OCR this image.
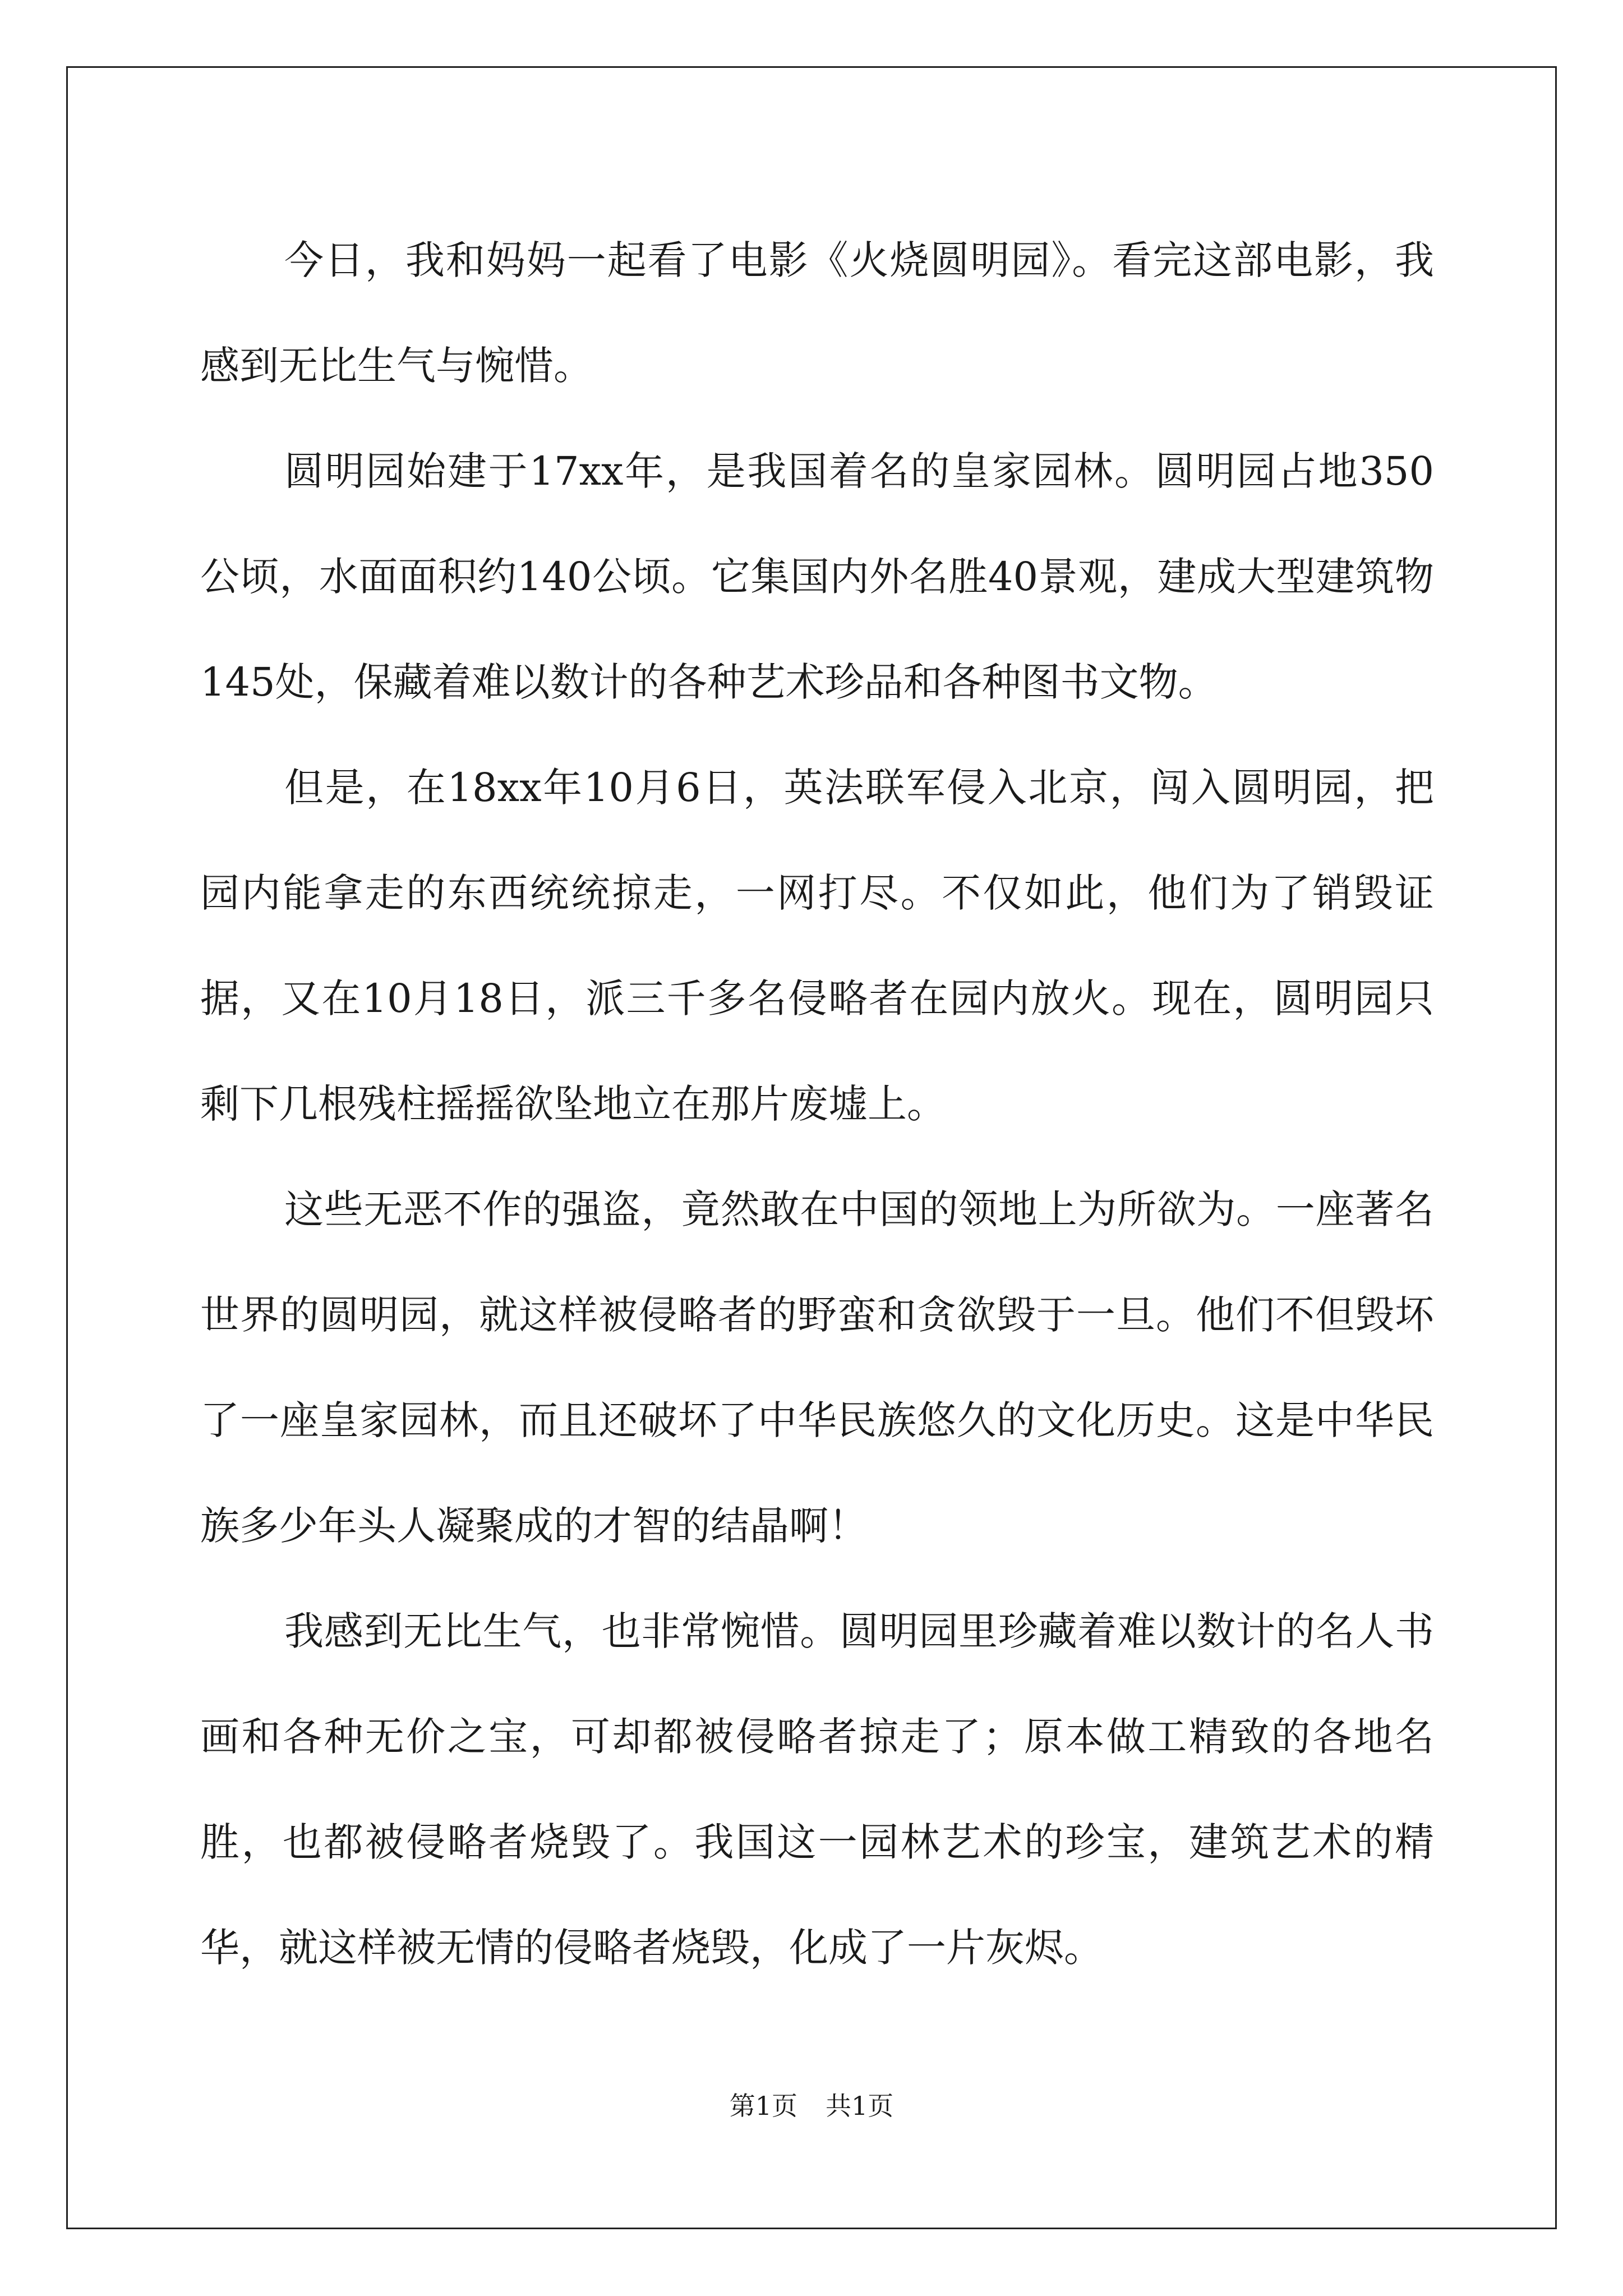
今日，我和妈妈一起看了电影《火烧圆明园》。看完这部电影，我感到无比生气与惋惜。

圆明园始建于17xx年，是我国着名的皇家园林。圆明园占地350公顷，水面面积约140公顷。它集国内外名胜40景观，建成大型建筑物145处，保藏着难以数计的各种艺术珍品和各种图书文物。

但是，在18xx年10月6日，英法联军侵入北京，闯入圆明园，把园内能拿走的东西统统掠走，一网打尽。不仅如此，他们为了销毁证据，又在10月18日，派三千多名侵略者在园内放火。现在，圆明园只剩下几根残柱摇摇欲坠地立在那片废墟上。

这些无恶不作的强盗，竟然敢在中国的领地上为所欲为。一座著名世界的圆明园，就这样被侵略者的野蛮和贪欲毁于一旦。他们不但毁坏了一座皇家园林，而且还破坏了中华民族悠久的文化历史。这是中华民族多少年头人凝聚成的才智的结晶啊！

我感到无比生气，也非常惋惜。圆明园里珍藏着难以数计的名人书画和各种无价之宝，可却都被侵略者掠走了；原本做工精致的各地名胜，也都被侵略者烧毁了。我国这一园林艺术的珍宝，建筑艺术的精华，就这样被无情的侵略者烧毁，化成了一片灰烬。

第1页 共1页
